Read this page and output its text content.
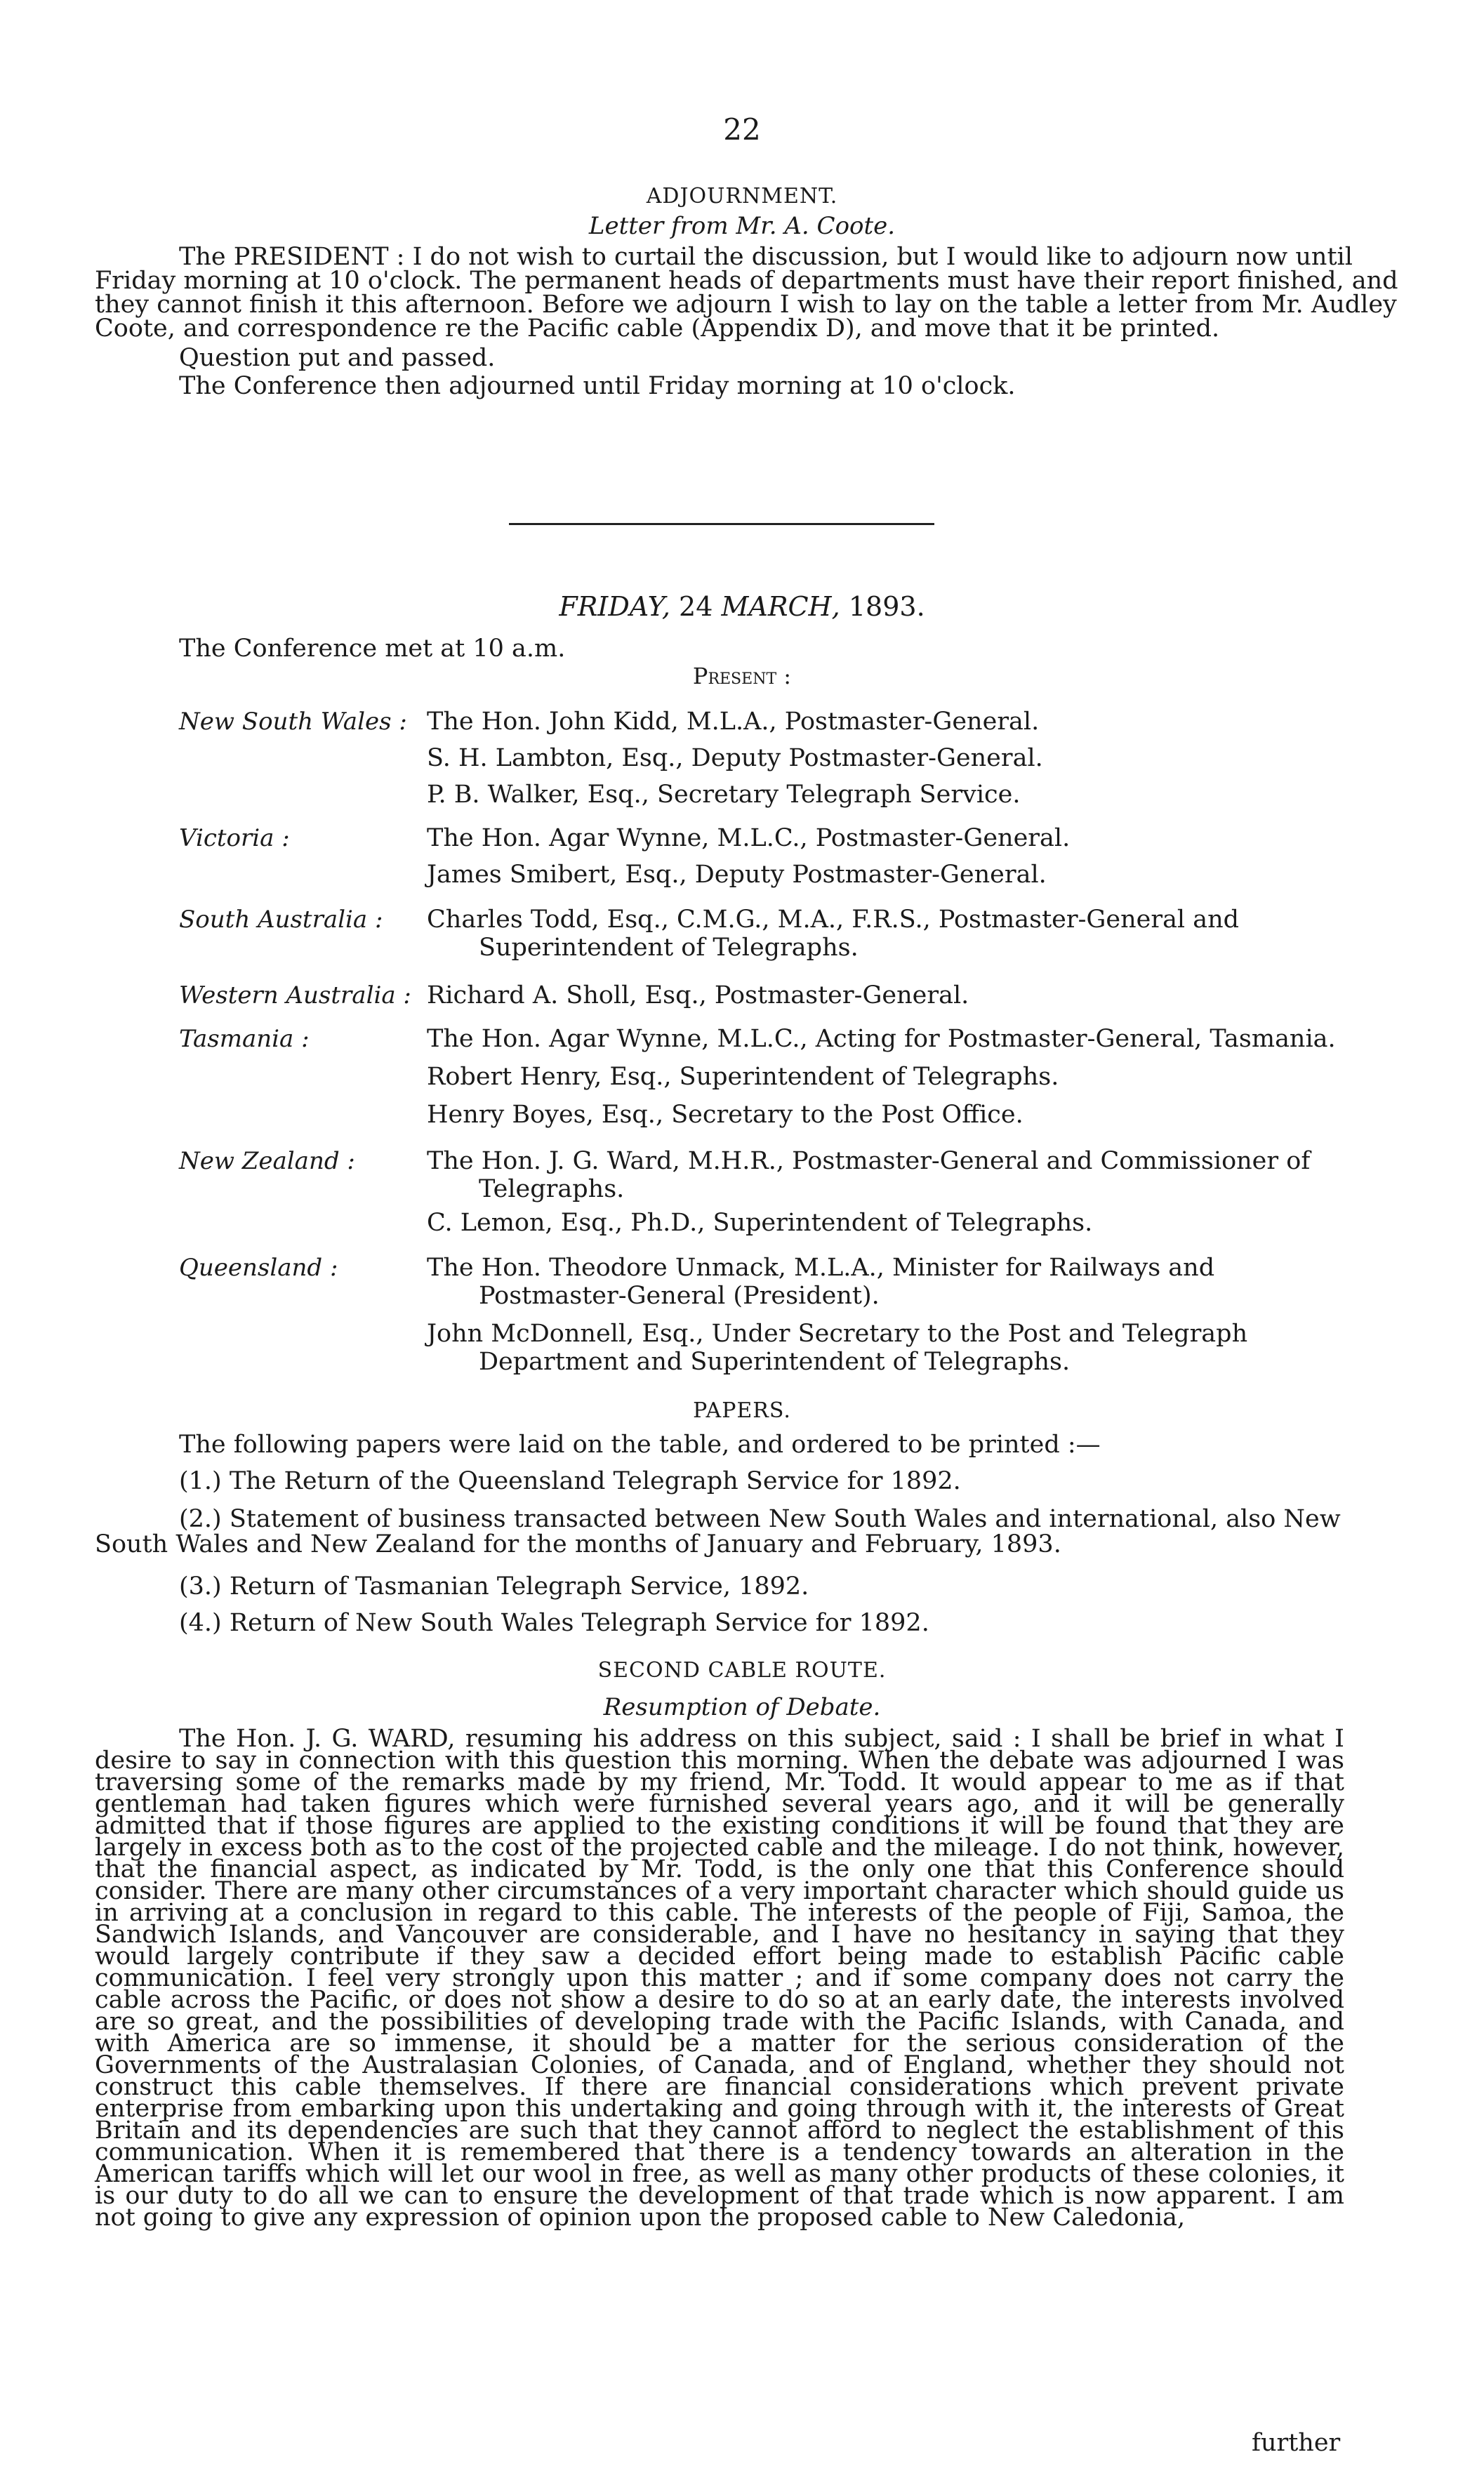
22
ADJOURNMENT.
Letter from Mr. A. Coote.
The PRESIDENT : I do not wish to curtail the discussion, but I would like to adjourn now until
Friday morning at 10 o'clock. The permanent heads of departments must have their report finished, and
they cannot finish it this afternoon. Before we adjourn I wish to lay on the table a letter from Mr. Audley
Coote, and correspondence re the Pacific cable (Appendix D), and move that it be printed.
Question put and passed.
The Conference then adjourned until Friday morning at 10 o'clock.
FRIDAY, 24 MARCH, 1893.
The Conference met at 10 a.m.
Present :
New South Wales : The Hon. John Kidd, M.L.A., Postmaster-General.
S. H. Lambton, Esq., Deputy Postmaster-General.
P. B. Walker, Esq., Secretary Telegraph Service.
Victoria :	The Hon. Agar Wynne, M.L.C., Postmaster-General.
James Smibert, Esq., Deputy Postmaster-General.
South Australia : Charles Todd, Esq., C.M.G., M.A., F.R.S., Postmaster-General and
Superintendent of Telegraphs.
Western Australia : Richard A. Sholl, Esq., Postmaster-General.
Tasmania :	The Hon. Agar Wynne, M.L.C., Acting for Postmaster-General, Tasmania.
Robert Henry, Esq., Superintendent of Telegraphs.
Henry Boyes, Esq., Secretary to the Post Office.
New Zealand :	The Hon. J. G. Ward, M.H.R., Postmaster-General and Commissioner of
Telegraphs.
C. Lemon, Esq., Ph.D., Superintendent of Telegraphs.
Queensland :	The Hon. Theodore Unmack, M.L.A., Minister for Railways and
Postmaster-General (President).
John McDonnell, Esq., Under Secretary to the Post and Telegraph
Department and Superintendent of Telegraphs.
PAPERS.
The following papers were laid on the table, and ordered to be printed :—
(1.) The Return of the Queensland Telegraph Service for 1892.
(2.) Statement of business transacted between New South Wales and international, also New
South Wales and New Zealand for the months of January and February, 1893.
(3.) Return of Tasmanian Telegraph Service, 1892.
(4.) Return of New South Wales Telegraph Service for 1892.
SECOND CABLE ROUTE.
Resumption of Debate.
The Hon. J. G. WARD, resuming his address on this subject, said : I shall be brief in what I desire to say in connection with this question this morning. When the debate was adjourned I was traversing some of the remarks made by my friend, Mr. Todd. It would appear to me as if that gentleman had taken figures which were furnished several years ago, and it will be generally admitted that if those figures are applied to the existing conditions it will be found that they are largely in excess both as to the cost of the projected cable and the mileage. I do not think, however, that the financial aspect, as indicated by Mr. Todd, is the only one that this Conference should consider. There are many other circumstances of a very important character which should guide us in arriving at a conclusion in regard to this cable. The interests of the people of Fiji, Samoa, the Sandwich Islands, and Vancouver are considerable, and I have no hesitancy in saying that they would largely contribute if they saw a decided effort being made to establish Pacific cable communication. I feel very strongly upon this matter ; and if some company does not carry the cable across the Pacific, or does not show a desire to do so at an early date, the interests involved are so great, and the possibilities of developing trade with the Pacific Islands, with Canada, and with America are so immense, it should be a matter for the serious consideration of the Governments of the Australasian Colonies, of Canada, and of England, whether they should not construct this cable themselves. If there are financial considerations which prevent private enterprise from embarking upon this undertaking and going through with it, the interests of Great Britain and its dependencies are such that they cannot afford to neglect the establishment of this communication. When it is remembered that there is a tendency towards an alteration in the American tariffs which will let our wool in free, as well as many other products of these colonies, it is our duty to do all we can to ensure the development of that trade which is now apparent. I am not going to give any expression of opinion upon the proposed cable to New Caledonia,
further
